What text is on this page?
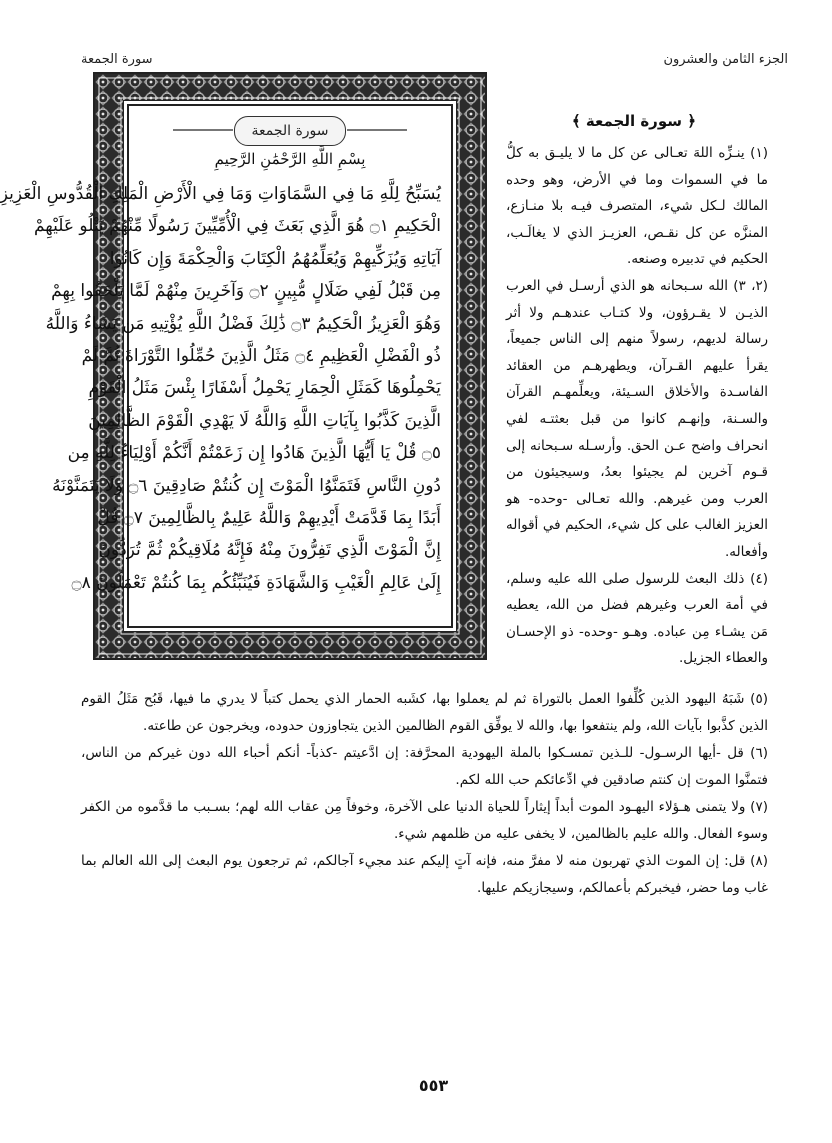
الجزء الثامن والعشرون
سورة الجمعة
سورة الجمعة
بِسْمِ اللَّهِ الرَّحْمَٰنِ الرَّحِيمِ
يُسَبِّحُ لِلَّهِ مَا فِي السَّمَاوَاتِ وَمَا فِي الْأَرْضِ الْمَلِكِ الْقُدُّوسِ الْعَزِيزِ
الْحَكِيمِ ۝١ هُوَ الَّذِي بَعَثَ فِي الْأُمِّيِّينَ رَسُولًا مِّنْهُمْ يَتْلُو عَلَيْهِمْ
آيَاتِهِ وَيُزَكِّيهِمْ وَيُعَلِّمُهُمُ الْكِتَابَ وَالْحِكْمَةَ وَإِن كَانُوا
مِن قَبْلُ لَفِي ضَلَالٍ مُّبِينٍ ۝٢ وَآخَرِينَ مِنْهُمْ لَمَّا يَلْحَقُوا بِهِمْ
وَهُوَ الْعَزِيزُ الْحَكِيمُ ۝٣ ذَٰلِكَ فَضْلُ اللَّهِ يُؤْتِيهِ مَن يَشَاءُ وَاللَّهُ
ذُو الْفَضْلِ الْعَظِيمِ ۝٤ مَثَلُ الَّذِينَ حُمِّلُوا التَّوْرَاةَ ثُمَّ لَمْ
يَحْمِلُوهَا كَمَثَلِ الْحِمَارِ يَحْمِلُ أَسْفَارًا بِئْسَ مَثَلُ الْقَوْمِ
الَّذِينَ كَذَّبُوا بِآيَاتِ اللَّهِ وَاللَّهُ لَا يَهْدِي الْقَوْمَ الظَّالِمِينَ
۝٥ قُلْ يَا أَيُّهَا الَّذِينَ هَادُوا إِن زَعَمْتُمْ أَنَّكُمْ أَوْلِيَاءُ لِلَّهِ مِن
دُونِ النَّاسِ فَتَمَنَّوُا الْمَوْتَ إِن كُنتُمْ صَادِقِينَ ۝٦ وَلَا يَتَمَنَّوْنَهُ
أَبَدًا بِمَا قَدَّمَتْ أَيْدِيهِمْ وَاللَّهُ عَلِيمٌ بِالظَّالِمِينَ ۝٧ قُلْ
إِنَّ الْمَوْتَ الَّذِي تَفِرُّونَ مِنْهُ فَإِنَّهُ مُلَاقِيكُمْ ثُمَّ تُرَدُّونَ
إِلَىٰ عَالِمِ الْغَيْبِ وَالشَّهَادَةِ فَيُنَبِّئُكُم بِمَا كُنتُمْ تَعْمَلُونَ ۝٨
﴿ سورة الجمعة ﴾

(١) ينـزِّه اللهَ تعـالى عن كل ما لا يليـق به كلُّ ما في السموات وما في الأرض، وهو وحده المالك لـكل شيء، المتصرف فيـه بلا منـازع، المنزَّه عن كل نقـص، العزيـز الذي لا يغالَـب، الحكيم في تدبيره وصنعه.

(٢، ٣) الله سـبحانه هو الذي أرسـل في العرب الذيـن لا يقـرؤون، ولا كتـاب عندهـم ولا أثر رسالة لديهم، رسولاً منهم إلى الناس جميعاً، يقرأ عليهم القـرآن، ويطهرهـم من العقائد الفاسـدة والأخلاق السـيئة، ويعلِّمهـم القرآن والسـنة، وإنهـم كانوا من قبل بعثتـه لفي انحراف واضح عـن الحق. وأرسـله سـبحانه إلى قـوم آخرين لم يجيئوا بعدُ، وسيجيئون من العرب ومن غيرهم. والله تعـالى -وحده- هو العزيز الغالب على كل شيء، الحكيم في أقواله وأفعاله.

(٤) ذلك البعث للرسول صلى الله عليه وسلم، في أمة العرب وغيرهم فضل من الله، يعطيه مَن يشـاء مِن عباده. وهـو -وحده- ذو الإحسـان والعطاء الجزيل.

(٥) شَبَهُ اليهود الذين كُلِّفوا العمل بالتوراة ثم لم يعملوا بها، كشَبه الحمار الذي يحمل كتباً لا يدري ما فيها، قَبُح مَثَلُ القوم الذين كذَّبوا بآيات الله، ولم ينتفعوا بها، والله لا يوفِّق القوم الظالمين الذين يتجاوزون حدوده، ويخرجون عن طاعته.

(٦) قل -أيها الرسـول- للـذين تمسـكوا بالملة اليهودية المحرَّفة: إن ادَّعيتم -كذباً- أنكم أحباء الله دون غيركم من الناس، فتمنَّوا الموت إن كنتم صادقين في ادِّعائكم حب الله لكم.

(٧) ولا يتمنى هـؤلاء اليهـود الموت أبداً إيثاراً للحياة الدنيا على الآخرة، وخوفاً مِن عقاب الله لهم؛ بسـبب ما قدَّموه من الكفر وسوء الفعال. والله عليم بالظالمين، لا يخفى عليه من ظلمهم شيء.

(٨) قل: إن الموت الذي تهربون منه لا مفرَّ منه، فإنه آتٍ إليكم عند مجيء آجالكم، ثم ترجعون يوم البعث إلى الله العالم بما غاب وما حضر، فيخبركم بأعمالكم، وسيجازيكم عليها.

٥٥٣
